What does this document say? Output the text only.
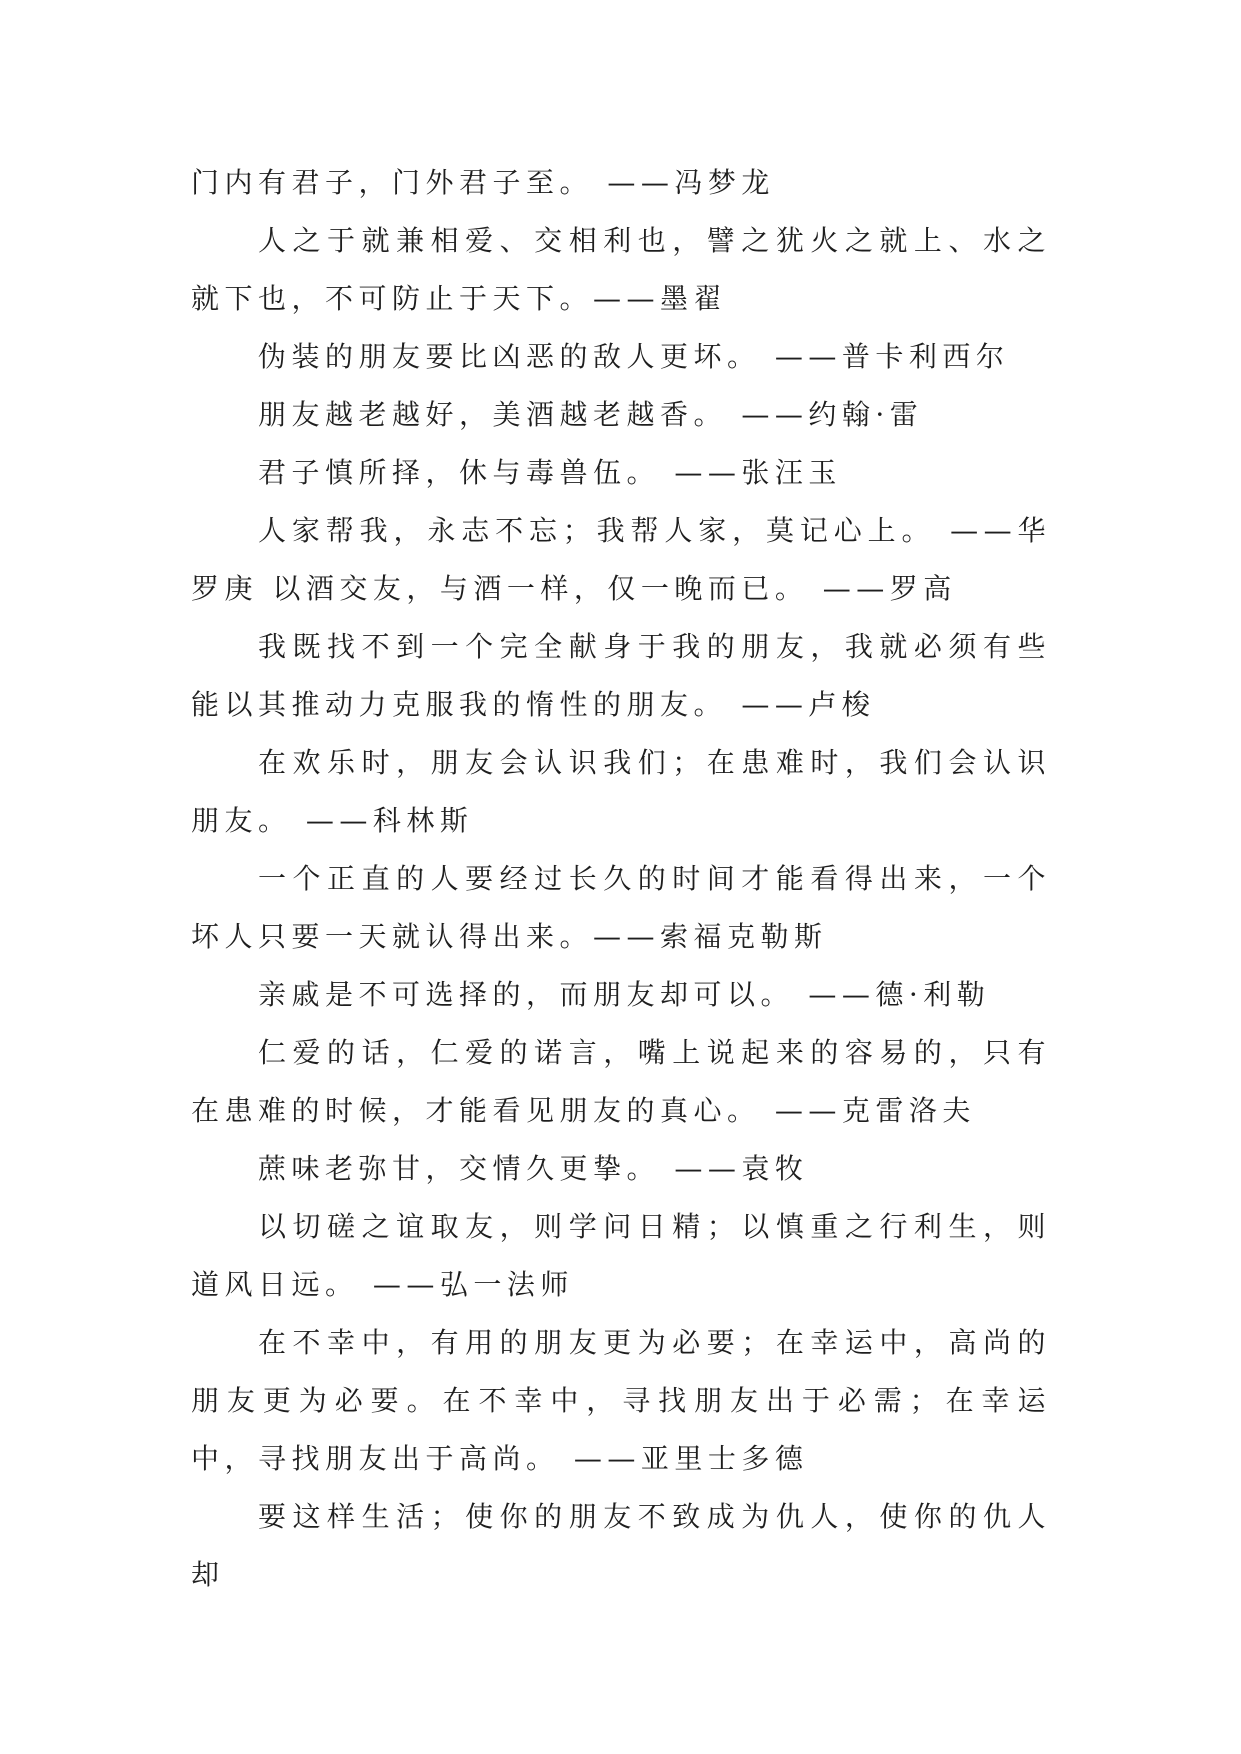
门内有君子，门外君子至。 ——冯梦龙

人之于就兼相爱、交相利也，譬之犹火之就上、水之就下也，不可防止于天下。——墨翟

伪装的朋友要比凶恶的敌人更坏。 ——普卡利西尔

朋友越老越好，美酒越老越香。 ——约翰·雷

君子慎所择，休与毒兽伍。 ——张汪玉

人家帮我，永志不忘；我帮人家，莫记心上。 ——华罗庚 以酒交友，与酒一样，仅一晚而已。 ——罗高

我既找不到一个完全献身于我的朋友，我就必须有些能以其推动力克服我的惰性的朋友。 ——卢梭

在欢乐时，朋友会认识我们；在患难时，我们会认识朋友。 ——科林斯

一个正直的人要经过长久的时间才能看得出来，一个坏人只要一天就认得出来。——索福克勒斯

亲戚是不可选择的，而朋友却可以。 ——德·利勒

仁爱的话，仁爱的诺言，嘴上说起来的容易的，只有在患难的时候，才能看见朋友的真心。 ——克雷洛夫

蔗味老弥甘，交情久更挚。 ——袁牧

以切磋之谊取友，则学问日精；以慎重之行利生，则道风日远。 ——弘一法师

在不幸中，有用的朋友更为必要；在幸运中，高尚的朋友更为必要。在不幸中，寻找朋友出于必需；在幸运中，寻找朋友出于高尚。 ——亚里士多德

要这样生活；使你的朋友不致成为仇人，使你的仇人却
